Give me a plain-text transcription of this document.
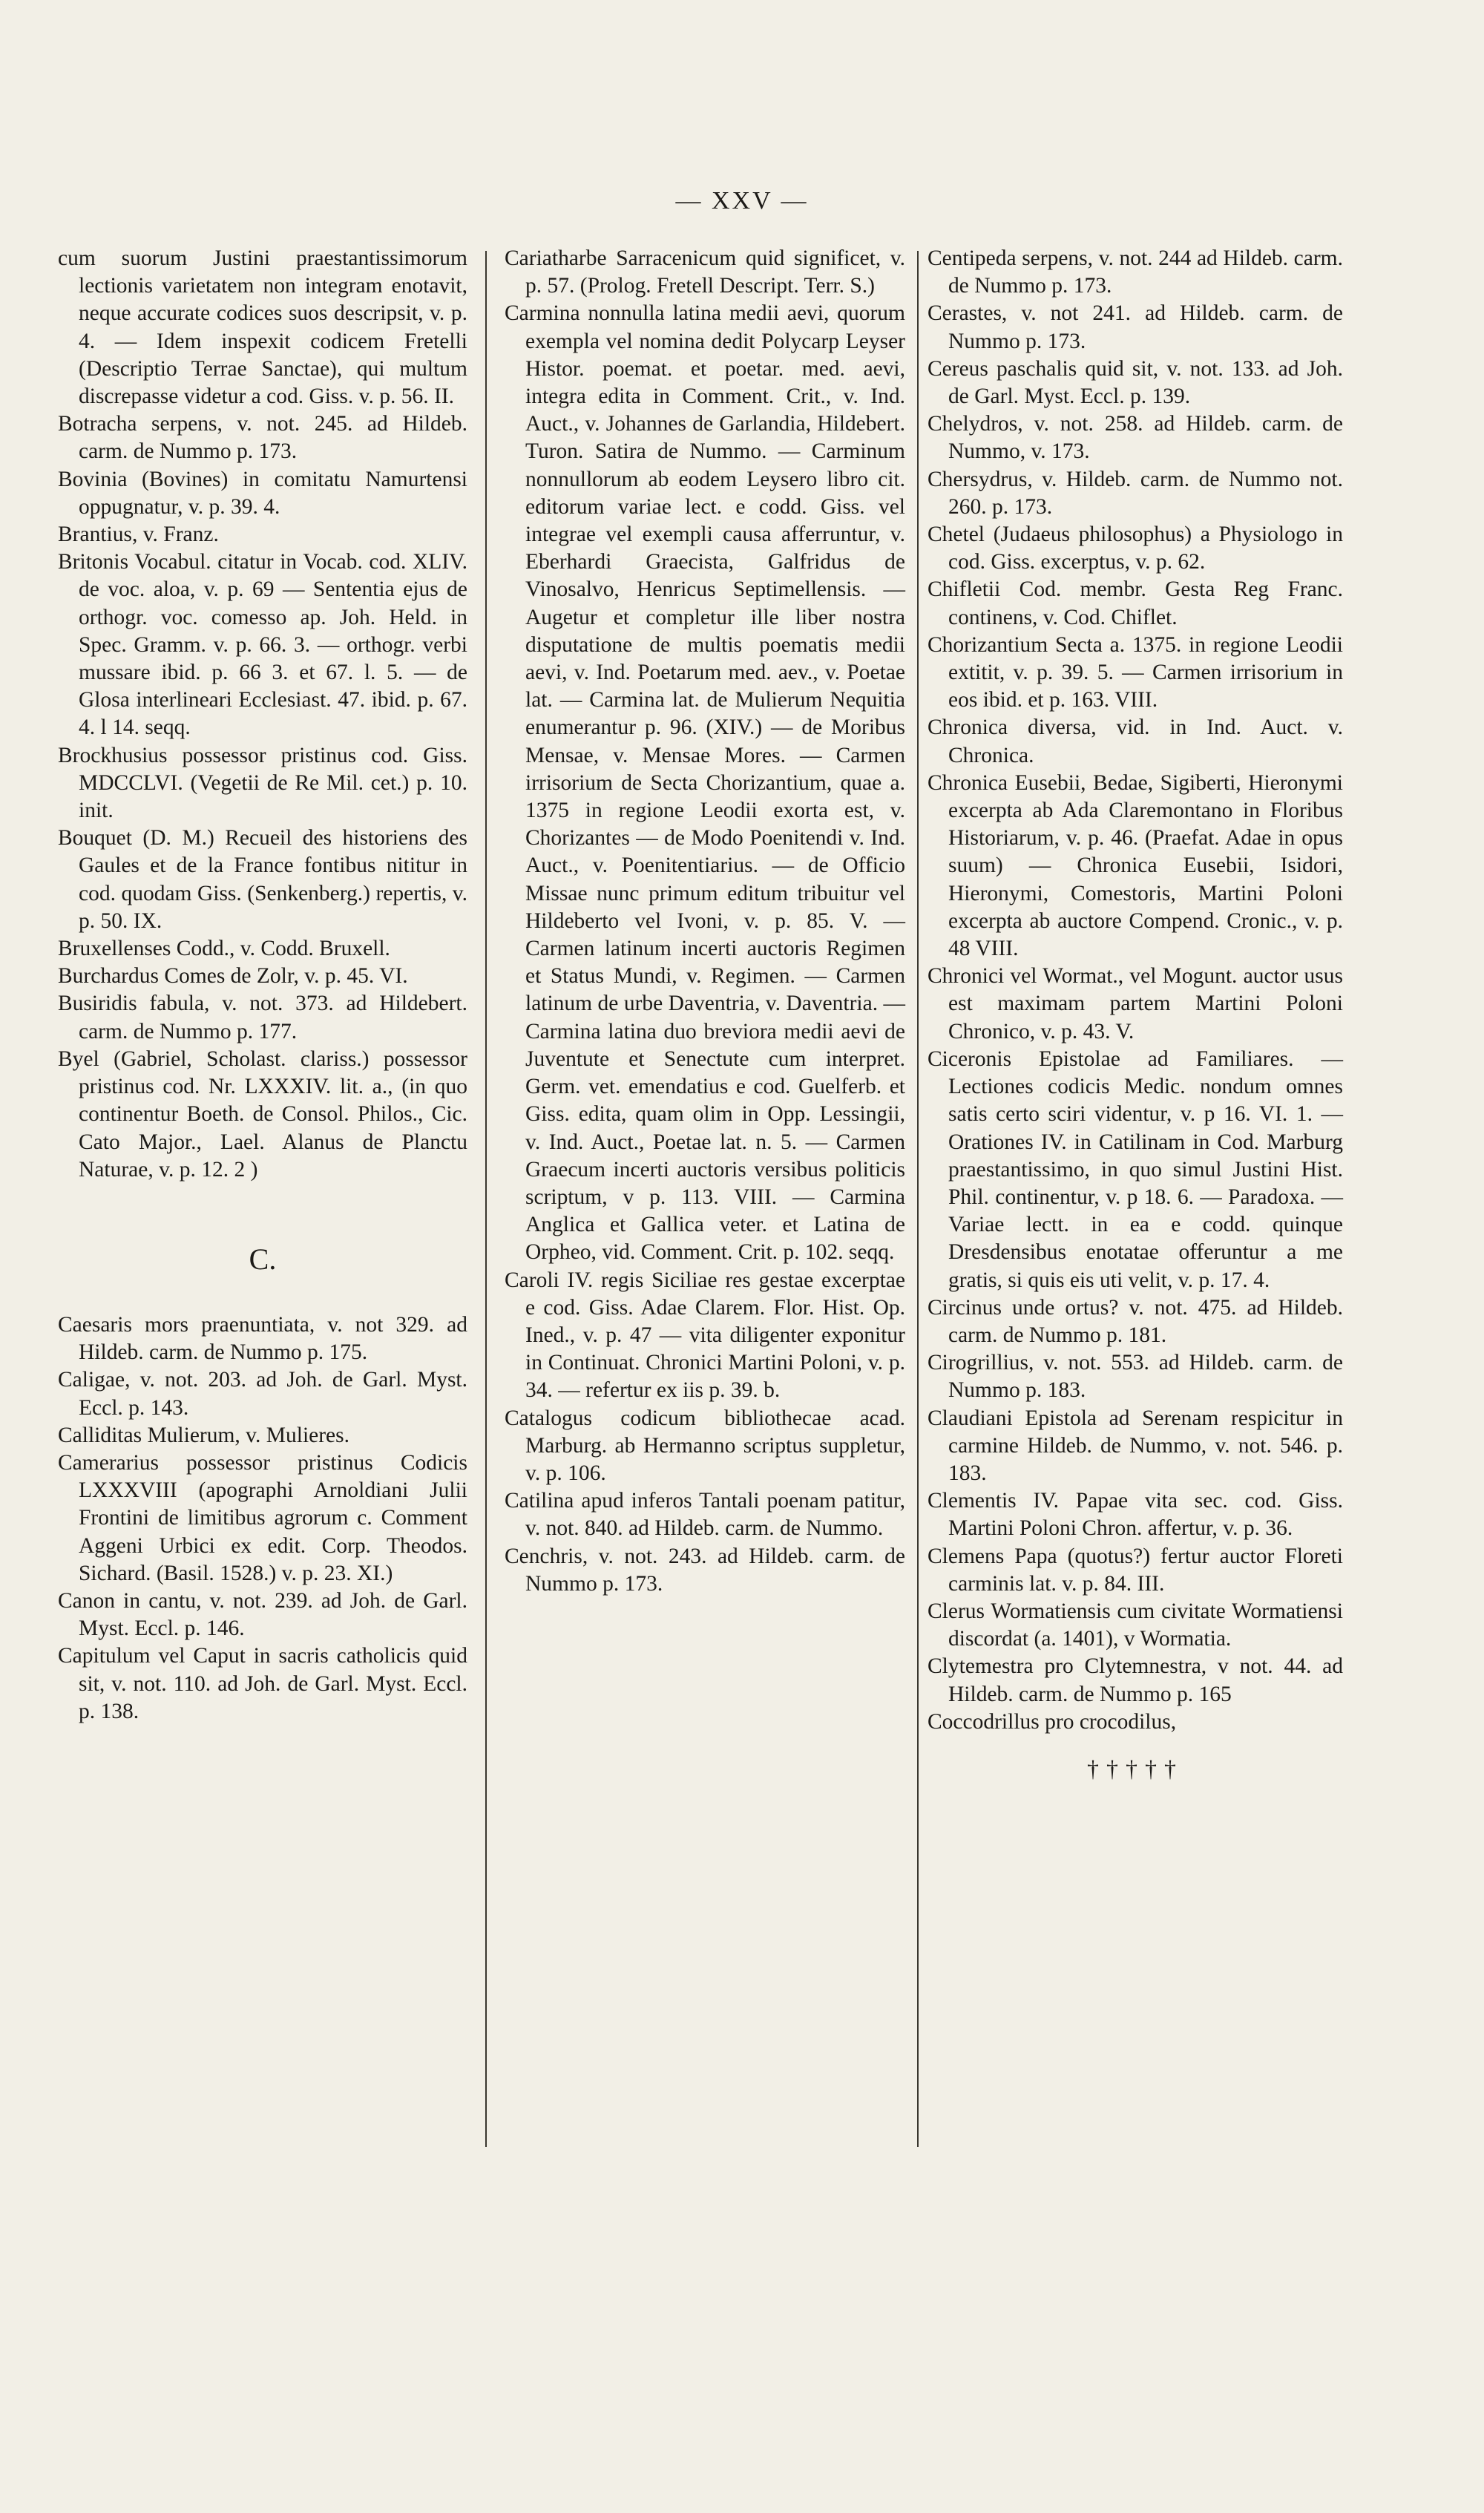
— XXV —
cum suorum Justini praestantissimorum lectionis varietatem non integram enotavit, neque accurate codices suos descripsit, v. p. 4. — Idem inspexit codicem Fretelli (Descriptio Terrae Sanctae), qui multum discrepasse videtur a cod. Giss. v. p. 56. II.
Botracha serpens, v. not. 245. ad Hildeb. carm. de Nummo p. 173.
Bovinia (Bovines) in comitatu Namurtensi oppugnatur, v. p. 39. 4.
Brantius, v. Franz.
Britonis Vocabul. citatur in Vocab. cod. XLIV. de voc. aloa, v. p. 69 — Sententia ejus de orthogr. voc. comesso ap. Joh. Held. in Spec. Gramm. v. p. 66. 3. — orthogr. verbi mussare ibid. p. 66 3. et 67. l. 5. — de Glosa interlineari Ecclesiast. 47. ibid. p. 67. 4. l 14. seqq.
Brockhusius possessor pristinus cod. Giss. MDCCLVI. (Vegetii de Re Mil. cet.) p. 10. init.
Bouquet (D. M.) Recueil des historiens des Gaules et de la France fontibus nititur in cod. quodam Giss. (Senkenberg.) repertis, v. p. 50. IX.
Bruxellenses Codd., v. Codd. Bruxell.
Burchardus Comes de Zolr, v. p. 45. VI.
Busiridis fabula, v. not. 373. ad Hildebert. carm. de Nummo p. 177.
Byel (Gabriel, Scholast. clariss.) possessor pristinus cod. Nr. LXXXIV. lit. a., (in quo continentur Boeth. de Consol. Philos., Cic. Cato Major., Lael. Alanus de Planctu Naturae, v. p. 12. 2 )
C.
Caesaris mors praenuntiata, v. not 329. ad Hildeb. carm. de Nummo p. 175.
Caligae, v. not. 203. ad Joh. de Garl. Myst. Eccl. p. 143.
Calliditas Mulierum, v. Mulieres.
Camerarius possessor pristinus Codicis LXXXVIII (apographi Arnoldiani Julii Frontini de limitibus agrorum c. Comment Aggeni Urbici ex edit. Corp. Theodos. Sichard. (Basil. 1528.) v. p. 23. XI.)
Canon in cantu, v. not. 239. ad Joh. de Garl. Myst. Eccl. p. 146.
Capitulum vel Caput in sacris catholicis quid sit, v. not. 110. ad Joh. de Garl. Myst. Eccl. p. 138.
Cariatharbe Sarracenicum quid significet, v. p. 57. (Prolog. Fretell Descript. Terr. S.)
Carmina nonnulla latina medii aevi, quorum exempla vel nomina dedit Polycarp Leyser Histor. poemat. et poetar. med. aevi, integra edita in Comment. Crit., v. Ind. Auct., v. Johannes de Garlandia, Hildebert. Turon. Satira de Nummo. — Carminum nonnullorum ab eodem Leysero libro cit. editorum variae lect. e codd. Giss. vel integrae vel exempli causa afferruntur, v. Eberhardi Graecista, Galfridus de Vinosalvo, Henricus Septimellensis. — Augetur et completur ille liber nostra disputatione de multis poematis medii aevi, v. Ind. Poetarum med. aev., v. Poetae lat. — Carmina lat. de Mulierum Nequitia enumerantur p. 96. (XIV.) — de Moribus Mensae, v. Mensae Mores. — Carmen irrisorium de Secta Chorizantium, quae a. 1375 in regione Leodii exorta est, v. Chorizantes — de Modo Poenitendi v. Ind. Auct., v. Poenitentiarius. — de Officio Missae nunc primum editum tribuitur vel Hildeberto vel Ivoni, v. p. 85. V. — Carmen latinum incerti auctoris Regimen et Status Mundi, v. Regimen. — Carmen latinum de urbe Daventria, v. Daventria. — Carmina latina duo breviora medii aevi de Juventute et Senectute cum interpret. Germ. vet. emendatius e cod. Guelferb. et Giss. edita, quam olim in Opp. Lessingii, v. Ind. Auct., Poetae lat. n. 5. — Carmen Graecum incerti auctoris versibus politicis scriptum, v p. 113. VIII. — Carmina Anglica et Gallica veter. et Latina de Orpheo, vid. Comment. Crit. p. 102. seqq.
Caroli IV. regis Siciliae res gestae excerptae e cod. Giss. Adae Clarem. Flor. Hist. Op. Ined., v. p. 47 — vita diligenter exponitur in Continuat. Chronici Martini Poloni, v. p. 34. — refertur ex iis p. 39. b.
Catalogus codicum bibliothecae acad. Marburg. ab Hermanno scriptus suppletur, v. p. 106.
Catilina apud inferos Tantali poenam patitur, v. not. 840. ad Hildeb. carm. de Nummo.
Cenchris, v. not. 243. ad Hildeb. carm. de Nummo p. 173.
Centipeda serpens, v. not. 244 ad Hildeb. carm. de Nummo p. 173.
Cerastes, v. not 241. ad Hildeb. carm. de Nummo p. 173.
Cereus paschalis quid sit, v. not. 133. ad Joh. de Garl. Myst. Eccl. p. 139.
Chelydros, v. not. 258. ad Hildeb. carm. de Nummo, v. 173.
Chersydrus, v. Hildeb. carm. de Nummo not. 260. p. 173.
Chetel (Judaeus philosophus) a Physiologo in cod. Giss. excerptus, v. p. 62.
Chifletii Cod. membr. Gesta Reg Franc. continens, v. Cod. Chiflet.
Chorizantium Secta a. 1375. in regione Leodii extitit, v. p. 39. 5. — Carmen irrisorium in eos ibid. et p. 163. VIII.
Chronica diversa, vid. in Ind. Auct. v. Chronica.
Chronica Eusebii, Bedae, Sigiberti, Hieronymi excerpta ab Ada Claremontano in Floribus Historiarum, v. p. 46. (Praefat. Adae in opus suum) — Chronica Eusebii, Isidori, Hieronymi, Comestoris, Martini Poloni excerpta ab auctore Compend. Cronic., v. p. 48 VIII.
Chronici vel Wormat., vel Mogunt. auctor usus est maximam partem Martini Poloni Chronico, v. p. 43. V.
Ciceronis Epistolae ad Familiares. — Lectiones codicis Medic. nondum omnes satis certo sciri videntur, v. p 16. VI. 1. — Orationes IV. in Catilinam in Cod. Marburg praestantissimo, in quo simul Justini Hist. Phil. continentur, v. p 18. 6. — Paradoxa. — Variae lectt. in ea e codd. quinque Dresdensibus enotatae offeruntur a me gratis, si quis eis uti velit, v. p. 17. 4.
Circinus unde ortus? v. not. 475. ad Hildeb. carm. de Nummo p. 181.
Cirogrillius, v. not. 553. ad Hildeb. carm. de Nummo p. 183.
Claudiani Epistola ad Serenam respicitur in carmine Hildeb. de Nummo, v. not. 546. p. 183.
Clementis IV. Papae vita sec. cod. Giss. Martini Poloni Chron. affertur, v. p. 36.
Clemens Papa (quotus?) fertur auctor Floreti carminis lat. v. p. 84. III.
Clerus Wormatiensis cum civitate Wormatiensi discordat (a. 1401), v Wormatia.
Clytemestra pro Clytemnestra, v not. 44. ad Hildeb. carm. de Nummo p. 165
Coccodrillus pro crocodilus,
†††††
